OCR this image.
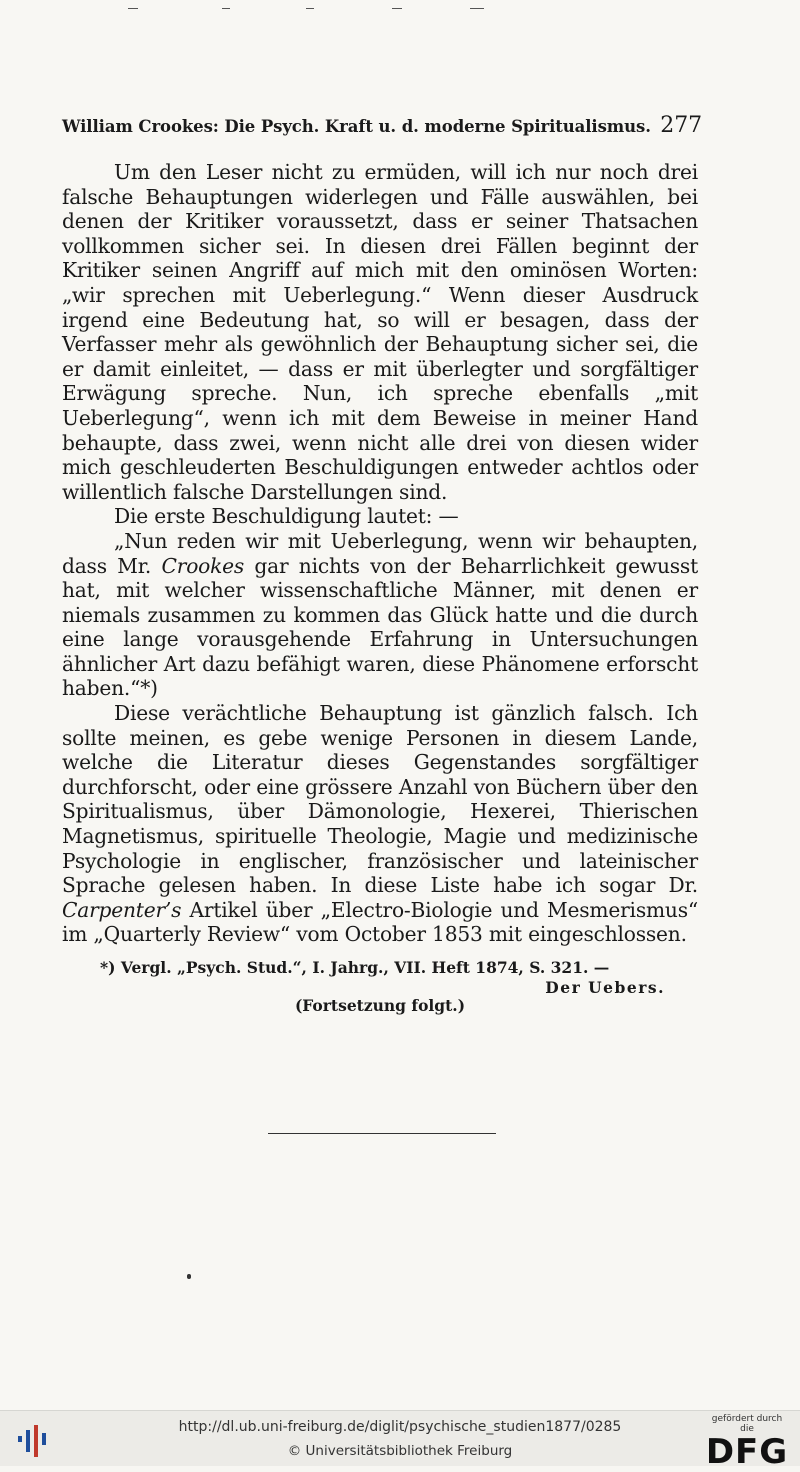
William Crookes: Die Psych. Kraft u. d. moderne Spiritualismus. 277

Um den Leser nicht zu ermüden, will ich nur noch drei falsche Behauptungen widerlegen und Fälle auswählen, bei denen der Kritiker voraussetzt, dass er seiner Thatsachen vollkommen sicher sei. In diesen drei Fällen beginnt der Kritiker seinen Angriff auf mich mit den ominösen Worten: „wir sprechen mit Ueberlegung.“ Wenn dieser Ausdruck irgend eine Bedeutung hat, so will er besagen, dass der Verfasser mehr als gewöhnlich der Behauptung sicher sei, die er damit einleitet, — dass er mit überlegter und sorgfältiger Erwägung spreche. Nun, ich spreche ebenfalls „mit Ueberlegung“, wenn ich mit dem Beweise in meiner Hand behaupte, dass zwei, wenn nicht alle drei von diesen wider mich geschleuderten Beschuldigungen entweder achtlos oder willentlich falsche Darstellungen sind.

Die erste Beschuldigung lautet: —

„Nun reden wir mit Ueberlegung, wenn wir behaupten, dass Mr. Crookes gar nichts von der Beharrlichkeit gewusst hat, mit welcher wissenschaftliche Männer, mit denen er niemals zusammen zu kommen das Glück hatte und die durch eine lange vorausgehende Erfahrung in Untersuchungen ähnlicher Art dazu befähigt waren, diese Phänomene erforscht haben.“*)

Diese verächtliche Behauptung ist gänzlich falsch. Ich sollte meinen, es gebe wenige Personen in diesem Lande, welche die Literatur dieses Gegenstandes sorgfältiger durchforscht, oder eine grössere Anzahl von Büchern über den Spiritualismus, über Dämonologie, Hexerei, Thierischen Magnetismus, spirituelle Theologie, Magie und medizinische Psychologie in englischer, französischer und lateinischer Sprache gelesen haben. In diese Liste habe ich sogar Dr. Carpenter’s Artikel über „Electro-Biologie und Mesmerismus“ im „Quarterly Review“ vom October 1853 mit eingeschlossen.

*) Vergl. „Psych. Stud.“, I. Jahrg., VII. Heft 1874, S. 321. —
Der Uebers.
(Fortsetzung folgt.)
http://dl.ub.uni-freiburg.de/diglit/psychische_studien1877/0285
© Universitätsbibliothek Freiburg
gefördert durch die
DFG
